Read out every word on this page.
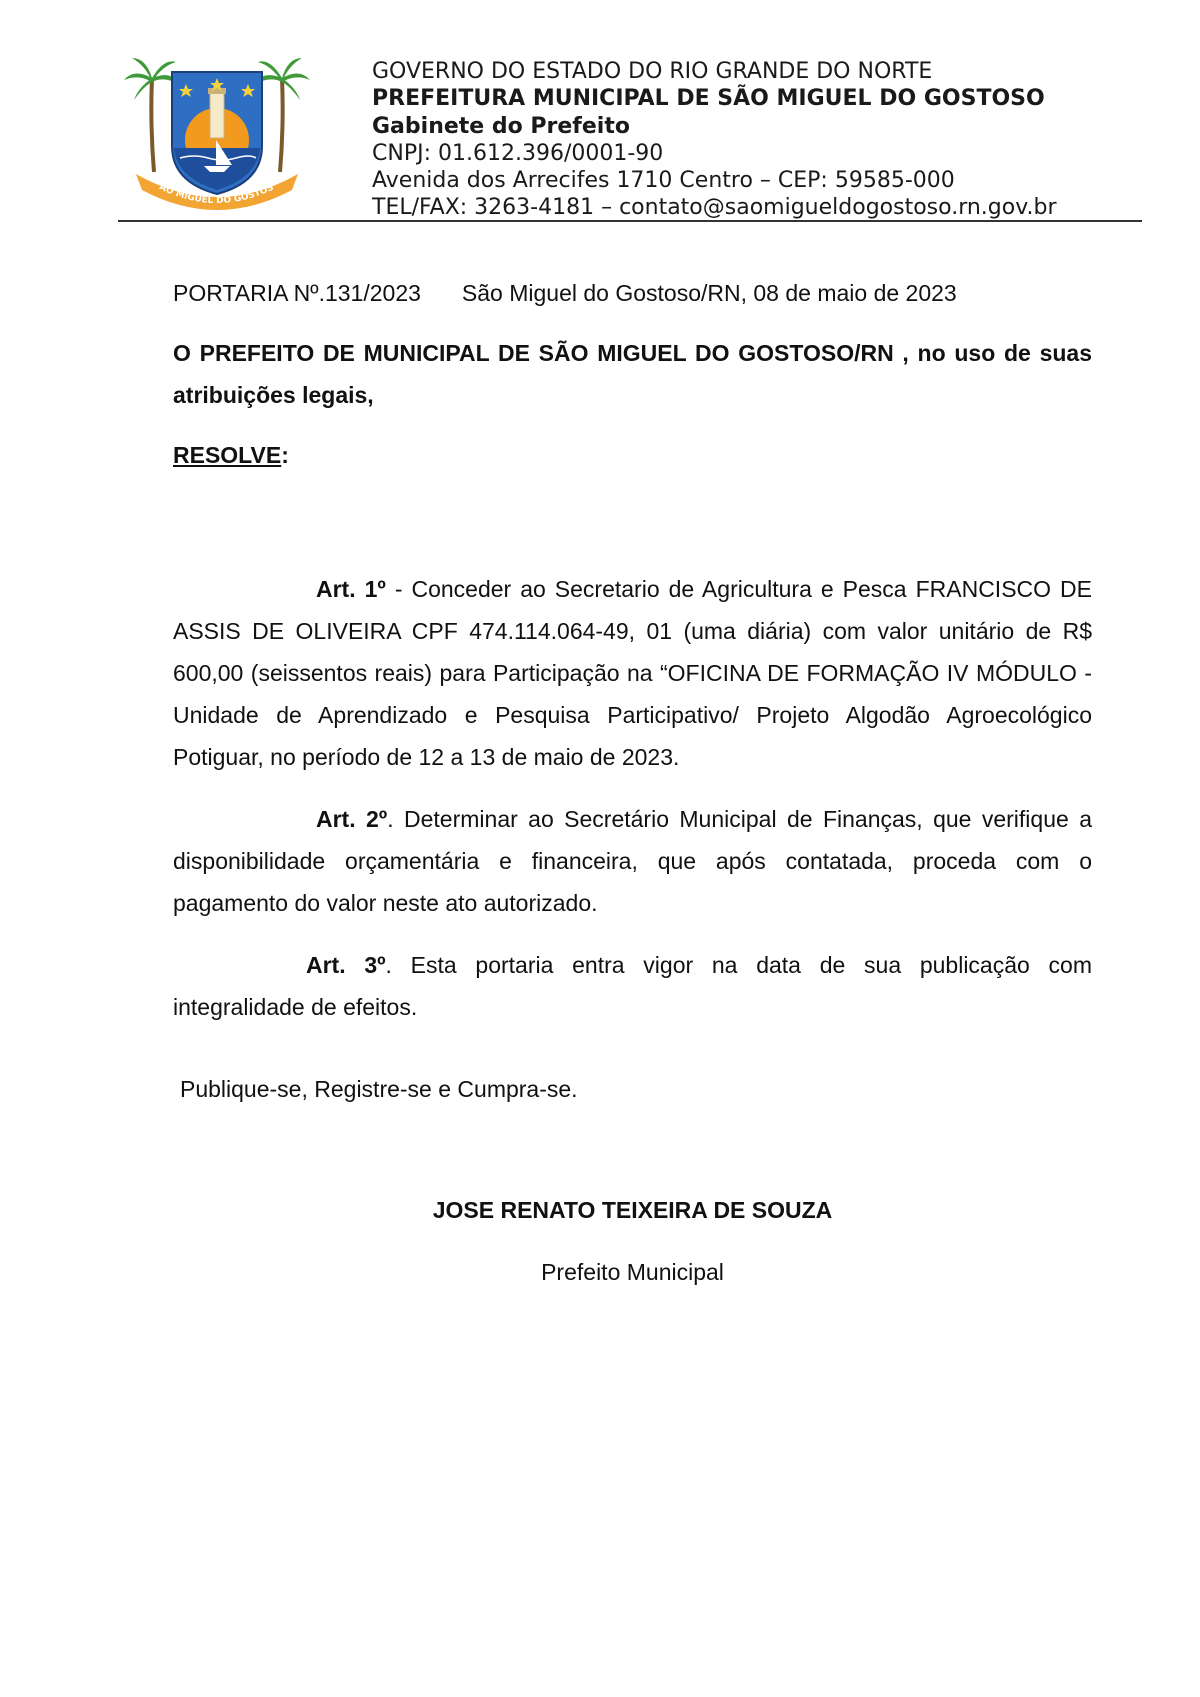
ÃO MIGUEL DO GOSTOS
GOVERNO DO ESTADO DO RIO GRANDE DO NORTE
PREFEITURA MUNICIPAL DE SÃO MIGUEL DO GOSTOSO
Gabinete do Prefeito
CNPJ: 01.612.396/0001-90
Avenida dos Arrecifes 1710 Centro – CEP: 59585-000
TEL/FAX: 3263-4181 – contato@saomigueldogostoso.rn.gov.br

PORTARIA Nº.131/2023 São Miguel do Gostoso/RN, 08 de maio de 2023

O PREFEITO DE MUNICIPAL DE SÃO MIGUEL DO GOSTOSO/RN , no uso de suas atribuições legais,

RESOLVE:

Art. 1º - Conceder ao Secretario de Agricultura e Pesca FRANCISCO DE ASSIS DE OLIVEIRA CPF 474.114.064-49, 01 (uma diária) com valor unitário de R$ 600,00 (seissentos reais) para Participação na “OFICINA DE FORMAÇÃO IV MÓDULO - Unidade de Aprendizado e Pesquisa Participativo/ Projeto Algodão Agroecológico Potiguar, no período de 12 a 13 de maio de 2023.

Art. 2º. Determinar ao Secretário Municipal de Finanças, que verifique a disponibilidade orçamentária e financeira, que após contatada, proceda com o pagamento do valor neste ato autorizado.

Art. 3º. Esta portaria entra vigor na data de sua publicação com integralidade de efeitos.

Publique-se, Registre-se e Cumpra-se.

JOSE RENATO TEIXEIRA DE SOUZA
Prefeito Municipal
